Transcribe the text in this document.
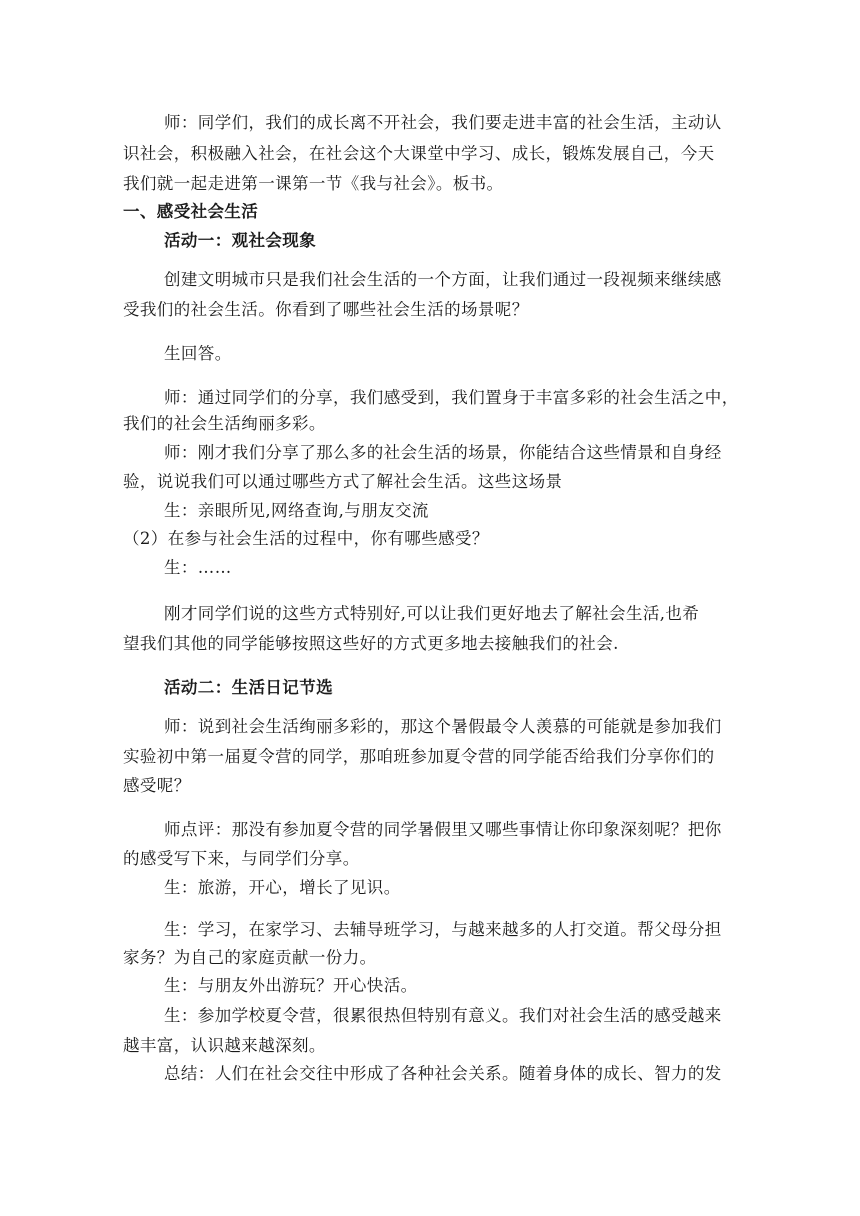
师：同学们，我们的成长离不开社会，我们要走进丰富的社会生活，主动认
识社会，积极融入社会，在社会这个大课堂中学习、成长，锻炼发展自己，今天
我们就一起走进第一课第一节《我与社会》。板书。
一、感受社会生活
活动一：观社会现象
创建文明城市只是我们社会生活的一个方面，让我们通过一段视频来继续感
受我们的社会生活。你看到了哪些社会生活的场景呢？
生回答。
师：通过同学们的分享，我们感受到，我们置身于丰富多彩的社会生活之中，
我们的社会生活绚丽多彩。
师：刚才我们分享了那么多的社会生活的场景，你能结合这些情景和自身经
验，说说我们可以通过哪些方式了解社会生活。这些这场景
生：亲眼所见,网络查询,与朋友交流
（2）在参与社会生活的过程中，你有哪些感受？
生：……
刚才同学们说的这些方式特别好,可以让我们更好地去了解社会生活,也希
望我们其他的同学能够按照这些好的方式更多地去接触我们的社会.
活动二：生活日记节选
师：说到社会生活绚丽多彩的，那这个暑假最令人羡慕的可能就是参加我们
实验初中第一届夏令营的同学，那咱班参加夏令营的同学能否给我们分享你们的
感受呢？
师点评：那没有参加夏令营的同学暑假里又哪些事情让你印象深刻呢？把你
的感受写下来，与同学们分享。
生：旅游，开心，增长了见识。
生：学习，在家学习、去辅导班学习，与越来越多的人打交道。帮父母分担
家务？为自己的家庭贡献一份力。
生：与朋友外出游玩？开心快活。
生：参加学校夏令营，很累很热但特别有意义。我们对社会生活的感受越来
越丰富，认识越来越深刻。
总结：人们在社会交往中形成了各种社会关系。随着身体的成长、智力的发
